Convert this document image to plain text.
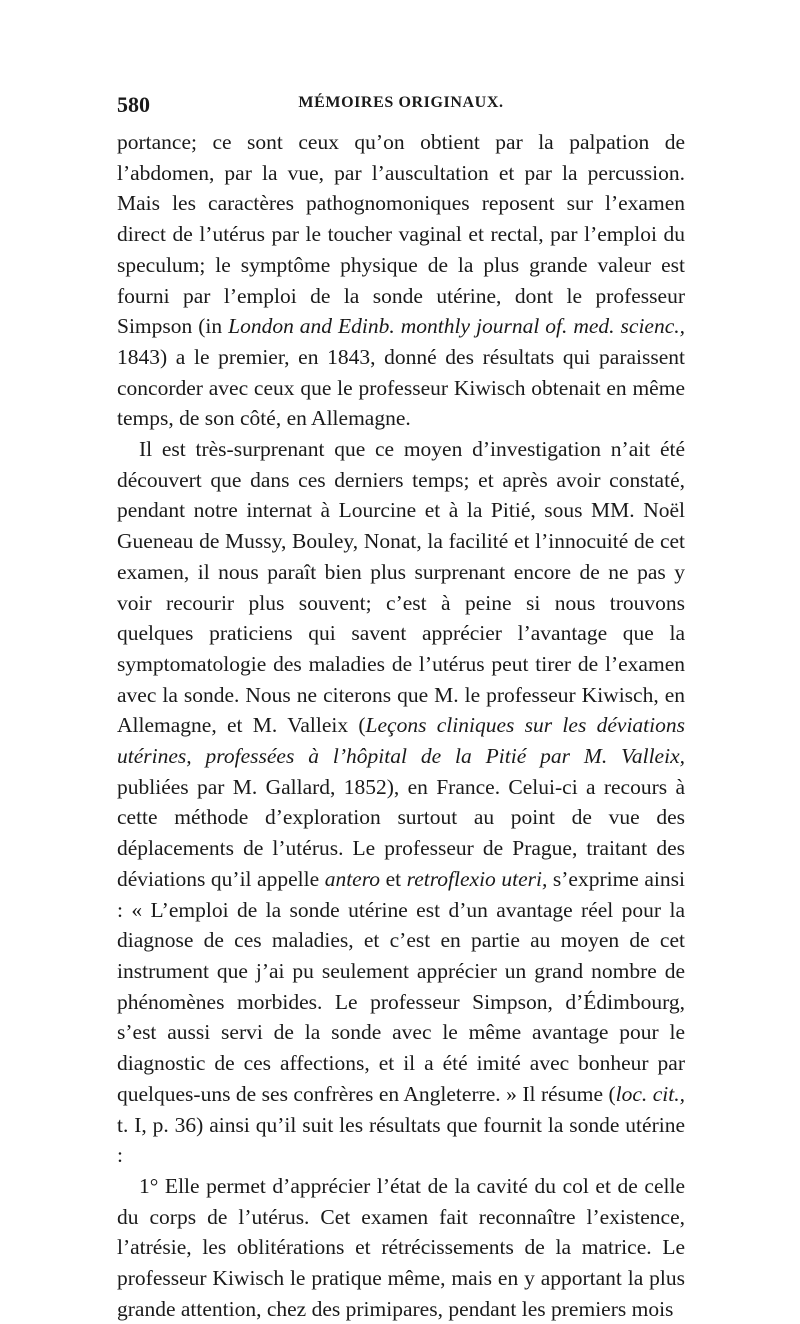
580	MÉMOIRES ORIGINAUX.

portance; ce sont ceux qu’on obtient par la palpation de l’abdomen, par la vue, par l’auscultation et par la percussion. Mais les caractères pathognomoniques reposent sur l’examen direct de l’utérus par le toucher vaginal et rectal, par l’emploi du speculum; le symptôme physique de la plus grande valeur est fourni par l’emploi de la sonde utérine, dont le professeur Simpson (in London and Edinb. monthly journal of. med. scienc., 1843) a le premier, en 1843, donné des résultats qui paraissent concorder avec ceux que le professeur Kiwisch obtenait en même temps, de son côté, en Allemagne.

Il est très-surprenant que ce moyen d’investigation n’ait été découvert que dans ces derniers temps; et après avoir constaté, pendant notre internat à Lourcine et à la Pitié, sous MM. Noël Gueneau de Mussy, Bouley, Nonat, la facilité et l’innocuité de cet examen, il nous paraît bien plus surprenant encore de ne pas y voir recourir plus souvent; c’est à peine si nous trouvons quelques praticiens qui savent apprécier l’avantage que la symptomatologie des maladies de l’utérus peut tirer de l’examen avec la sonde. Nous ne citerons que M. le professeur Kiwisch, en Allemagne, et M. Valleix (Leçons cliniques sur les déviations utérines, professées à l’hôpital de la Pitié par M. Valleix, publiées par M. Gallard, 1852), en France. Celui-ci a recours à cette méthode d’exploration surtout au point de vue des déplacements de l’utérus. Le professeur de Prague, traitant des déviations qu’il appelle antero et retroflexio uteri, s’exprime ainsi : « L’emploi de la sonde utérine est d’un avantage réel pour la diagnose de ces maladies, et c’est en partie au moyen de cet instrument que j’ai pu seulement apprécier un grand nombre de phénomènes morbides. Le professeur Simpson, d’Édimbourg, s’est aussi servi de la sonde avec le même avantage pour le diagnostic de ces affections, et il a été imité avec bonheur par quelques-uns de ses confrères en Angleterre. » Il résume (loc. cit., t. I, p. 36) ainsi qu’il suit les résultats que fournit la sonde utérine :

1° Elle permet d’apprécier l’état de la cavité du col et de celle du corps de l’utérus. Cet examen fait reconnaître l’existence, l’atrésie, les oblitérations et rétrécissements de la matrice. Le professeur Kiwisch le pratique même, mais en y apportant la plus grande attention, chez des primipares, pendant les premiers mois
